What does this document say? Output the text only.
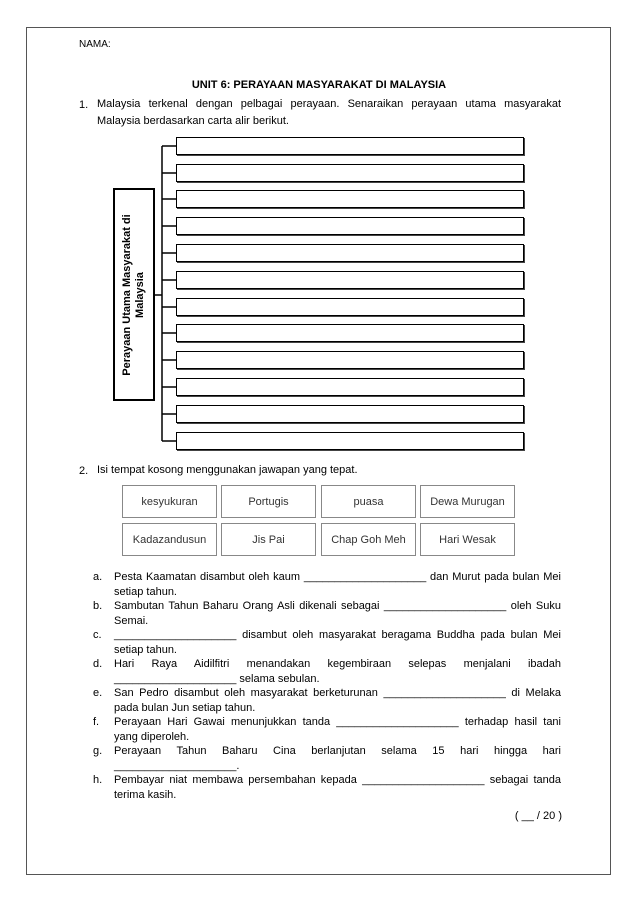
NAMA:
UNIT 6: PERAYAAN MASYARAKAT DI MALAYSIA
1. Malaysia terkenal dengan pelbagai perayaan. Senaraikan perayaan utama masyarakat Malaysia berdasarkan carta alir berikut.
Perayaan Utama Masyarakat di Malaysia
2. Isi tempat kosong menggunakan jawapan yang tepat.
kesyukuran	Portugis	puasa	Dewa Murugan
Kadazandusun	Jis Pai	Chap Goh Meh	Hari Wesak
a. Pesta Kaamatan disambut oleh kaum ____________________ dan Murut pada bulan Mei setiap tahun.
b. Sambutan Tahun Baharu Orang Asli dikenali sebagai ____________________ oleh Suku Semai.
c. ____________________ disambut oleh masyarakat beragama Buddha pada bulan Mei setiap tahun.
d. Hari Raya Aidilfitri menandakan kegembiraan selepas menjalani ibadah ____________________ selama sebulan.
e. San Pedro disambut oleh masyarakat berketurunan ____________________ di Melaka pada bulan Jun setiap tahun.
f. Perayaan Hari Gawai menunjukkan tanda ____________________ terhadap hasil tani yang diperoleh.
g. Perayaan Tahun Baharu Cina berlanjutan selama 15 hari hingga hari ____________________.
h. Pembayar niat membawa persembahan kepada ____________________ sebagai tanda terima kasih.
( __ / 20 )
